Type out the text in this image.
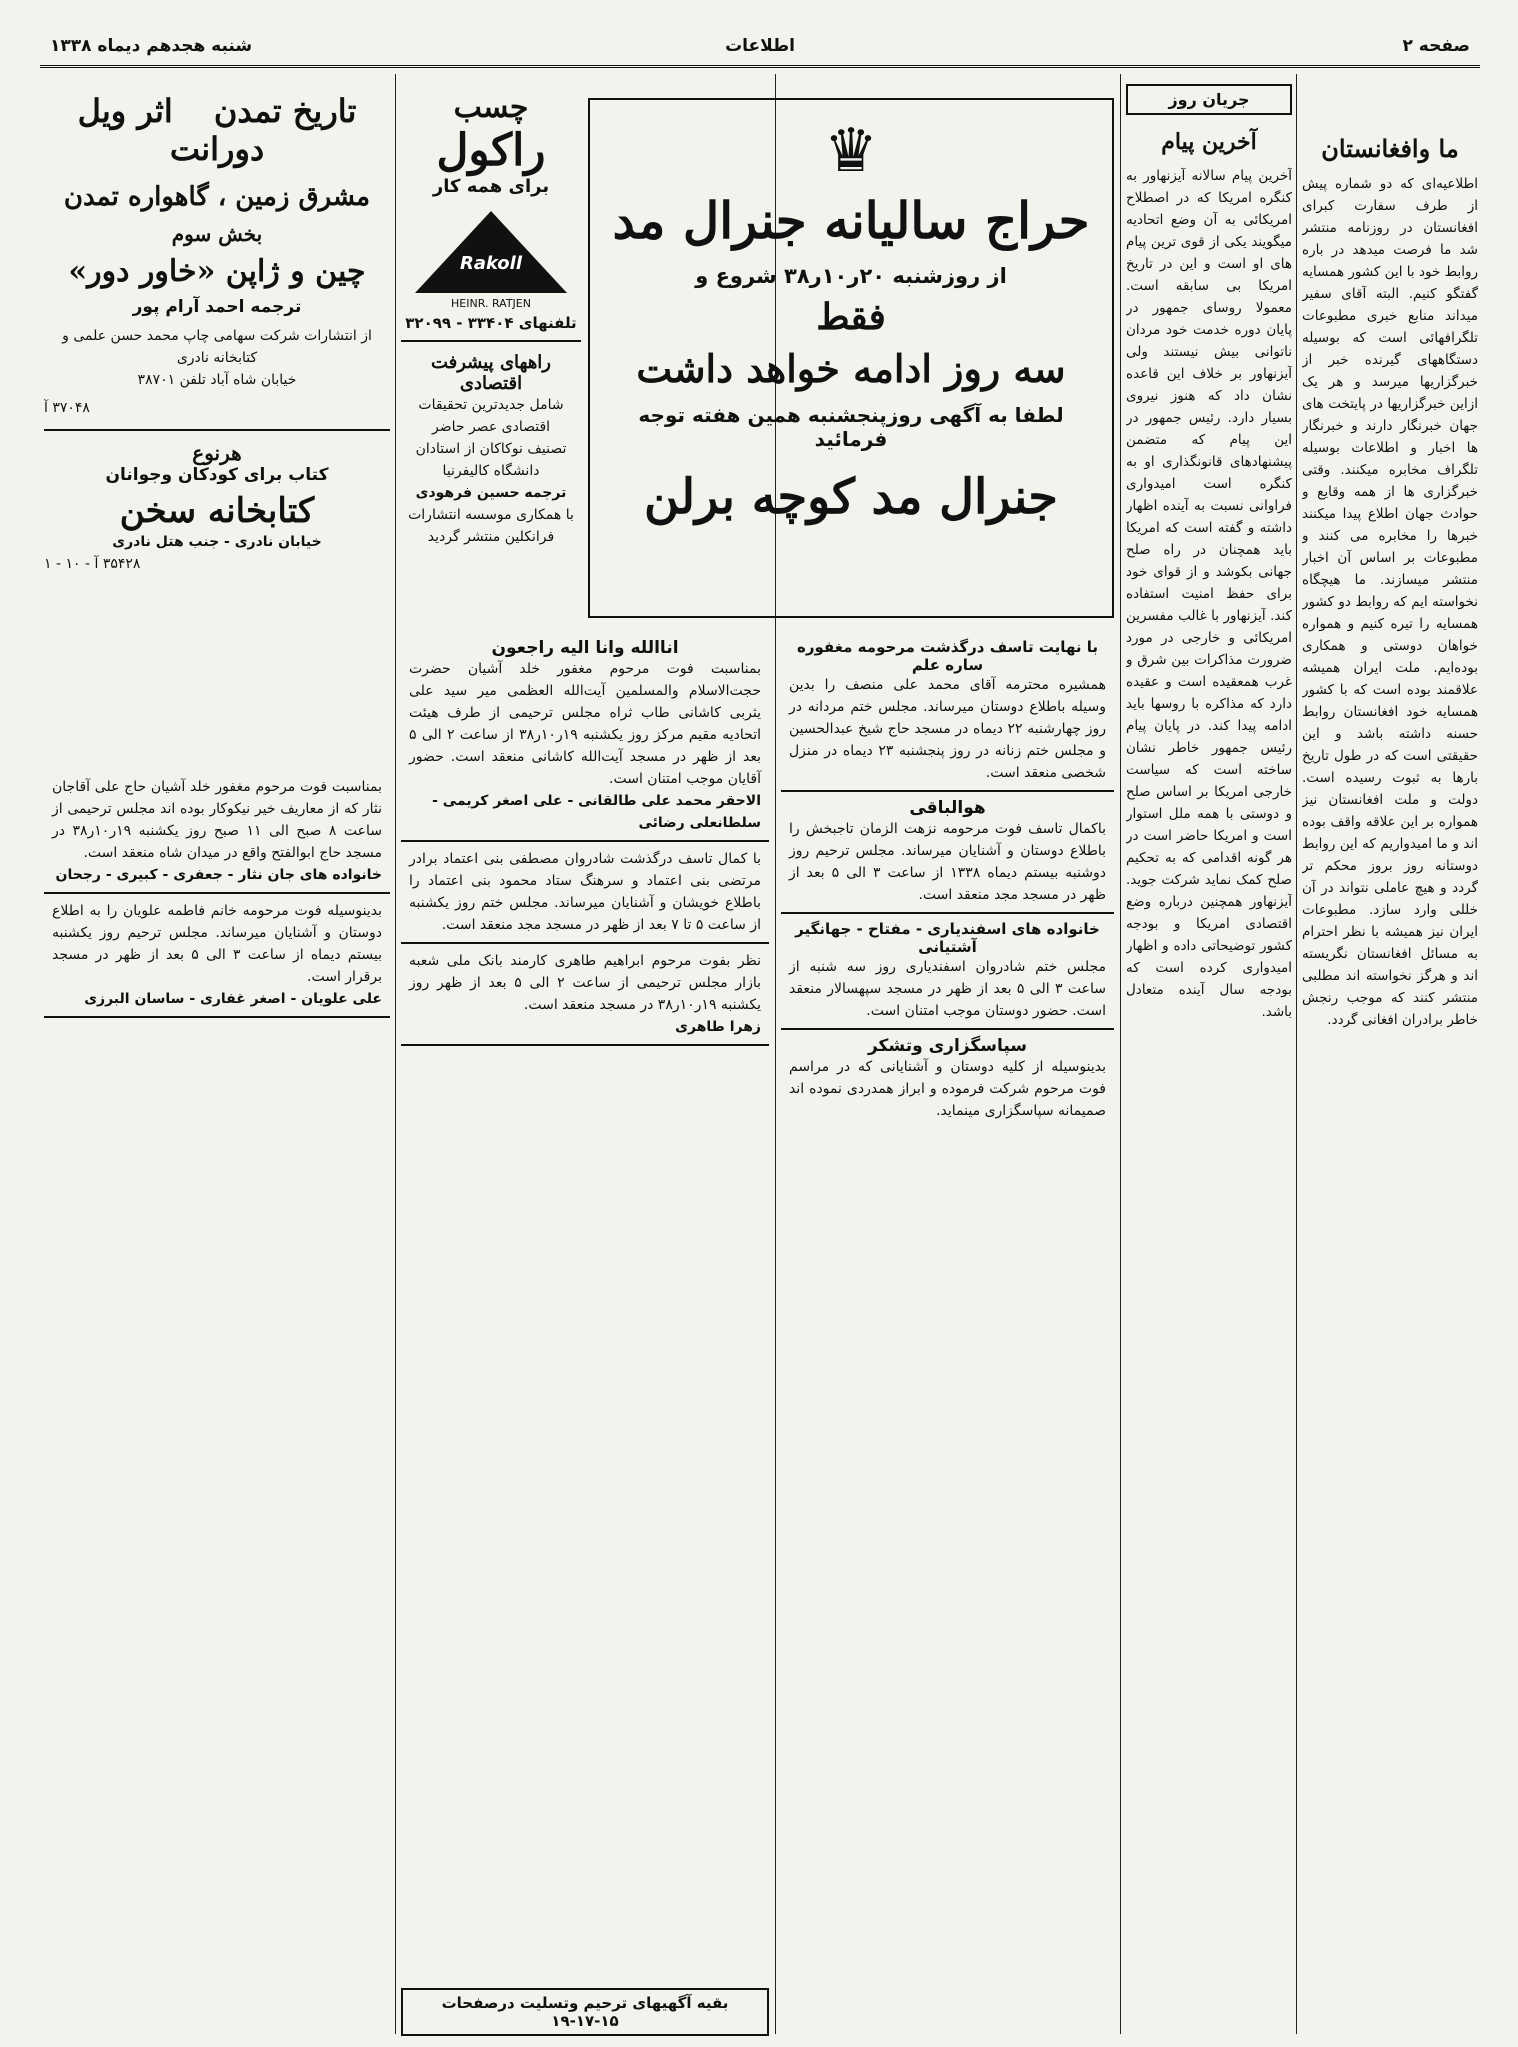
صفحه ۲
اطلاعات
شنبه هجدهم دیماه ۱۳۳۸
ما وافغانستان
اطلاعیه‌ای که دو شماره پیش از طرف سفارت کبرای افغانستان در روزنامه منتشر شد ما فرصت میدهد در باره روابط خود با این کشور همسایه گفتگو کنیم. البته آقای سفیر میداند منابع خبری مطبوعات تلگرافهائی است که بوسیله دستگاههای گیرنده خبر از خبرگزاریها میرسد و هر یک ازاین خبرگزاریها در پایتخت های جهان خبرنگار دارند و خبرنگار ها اخبار و اطلاعات بوسیله تلگراف مخابره میکنند. وقتی خبرگزاری ها از همه وقایع و حوادث جهان اطلاع پیدا میکنند خبرها را مخابره می کنند و مطبوعات بر اساس آن اخبار منتشر میسازند. ما هیچگاه نخواسته ایم که روابط دو کشور همسایه را تیره کنیم و همواره خواهان دوستی و همکاری بوده‌ایم. ملت ایران همیشه علاقمند بوده است که با کشور همسایه خود افغانستان روابط حسنه داشته باشد و این حقیقتی است که در طول تاریخ بارها به ثبوت رسیده است. دولت و ملت افغانستان نیز همواره بر این علاقه واقف بوده اند و ما امیدواریم که این روابط دوستانه روز بروز محکم تر گردد و هیچ عاملی نتواند در آن خللی وارد سازد. مطبوعات ایران نیز همیشه با نظر احترام به مسائل افغانستان نگریسته اند و هرگز نخواسته اند مطلبی منتشر کنند که موجب رنجش خاطر برادران افغانی گردد.
جریان روز
آخرین پیام
آخرین پیام سالانه آیزنهاور به کنگره امریکا که در اصطلاح امریکائی به آن وضع اتحادیه میگویند یکی از قوی ترین پیام های او است و این در تاریخ امریکا بی سابقه است. معمولا روسای جمهور در پایان دوره خدمت خود مردان ناتوانی بیش نیستند ولی آیزنهاور بر خلاف این قاعده نشان داد که هنوز نیروی بسیار دارد. رئیس جمهور در این پیام که متضمن پیشنهادهای قانونگذاری او به کنگره است امیدواری فراوانی نسبت به آینده اظهار داشته و گفته است که امریکا باید همچنان در راه صلح جهانی بکوشد و از قوای خود برای حفظ امنیت استفاده کند. آیزنهاور با غالب مفسرین امریکائی و خارجی در مورد ضرورت مذاکرات بین شرق و غرب همعقیده است و عقیده دارد که مذاکره با روسها باید ادامه پیدا کند. در پایان پیام رئیس جمهور خاطر نشان ساخته است که سیاست خارجی امریکا بر اساس صلح و دوستی با همه ملل استوار است و امریکا حاضر است در هر گونه اقدامی که به تحکیم صلح کمک نماید شرکت جوید. آیزنهاور همچنین درباره وضع اقتصادی امریکا و بودجه کشور توضیحاتی داده و اظهار امیدواری کرده است که بودجه سال آینده متعادل باشد.
♛
حراج سالیانه جنرال مد
از روزشنبه ۲۰ر۱۰ر۳۸ شروع و
فقط
سه روز ادامه خواهد داشت
لطفا به آگهی روزپنجشنبه همین هفته توجه فرمائید
جنرال مد کوچه برلن
چسب
راکول
برای همه کار
Rakoll
HEINR. RATJEN
تلفنهای ۳۳۴۰۴ - ۳۲۰۹۹
راههای پیشرفت اقتصادی
شامل جدیدترین تحقیقات اقتصادی عصر حاضر
تصنیف نوکاکان از استادان دانشگاه کالیفرنیا
ترجمه حسین فرهودی
با همکاری موسسه انتشارات فرانکلین منتشر گردید
تاریخ تمدن اثر ویل دورانت
مشرق زمین ، گاهواره تمدن
بخش سوم
چین و ژاپن «خاور دور»
ترجمه احمد آرام پور
از انتشارات شرکت سهامی چاپ محمد حسن علمی و کتابخانه نادری
خیابان شاه آباد تلفن ۳۸۷۰۱
۳۷۰۴۸ آ
هرنوع
کتاب برای کودکان وجوانان
کتابخانه سخن
خیابان نادری - جنب هتل نادری
۳۵۴۲۸ آ - ۱۰ - ۱
با نهایت تاسف درگذشت مرحومه مغفوره ساره علم
همشیره محترمه آقای محمد علی منصف را بدین وسیله باطلاع دوستان میرساند. مجلس ختم مردانه در روز چهارشنبه ۲۲ دیماه در مسجد حاج شیخ عبدالحسین و مجلس ختم زنانه در روز پنجشنبه ۲۳ دیماه در منزل شخصی منعقد است.
هوالباقی
باکمال تاسف فوت مرحومه نزهت الزمان تاجبخش را باطلاع دوستان و آشنایان میرساند. مجلس ترحیم روز دوشنبه بیستم دیماه ۱۳۳۸ از ساعت ۳ الی ۵ بعد از ظهر در مسجد مجد منعقد است.
خانواده های اسفندیاری - مفتاح - جهانگیر آشتیانی
مجلس ختم شادروان اسفندیاری روز سه شنبه از ساعت ۳ الی ۵ بعد از ظهر در مسجد سپهسالار منعقد است. حضور دوستان موجب امتنان است.
سپاسگزاری وتشکر
بدینوسیله از کلیه دوستان و آشنایانی که در مراسم فوت مرحوم شرکت فرموده و ابراز همدردی نموده اند صمیمانه سپاسگزاری مینماید.
اناالله وانا الیه راجعون
بمناسبت فوت مرحوم مغفور خلد آشیان حضرت حجت‌الاسلام والمسلمین آیت‌الله العظمی میر سید علی یثربی کاشانی طاب ثراه مجلس ترحیمی از طرف هیئت اتحادیه مقیم مرکز روز یکشنبه ۱۹ر۱۰ر۳۸ از ساعت ۲ الی ۵ بعد از ظهر در مسجد آیت‌الله کاشانی منعقد است. حضور آقایان موجب امتنان است.
الاحقر محمد علی طالقانی - علی اصغر کریمی - سلطانعلی رضائی
با کمال تاسف درگذشت شادروان مصطفی بنی اعتماد برادر مرتضی بنی اعتماد و سرهنگ ستاد محمود بنی اعتماد را باطلاع خویشان و آشنایان میرساند. مجلس ختم روز یکشنبه از ساعت ۵ تا ۷ بعد از ظهر در مسجد مجد منعقد است.
نظر بفوت مرحوم ابراهیم طاهری کارمند بانک ملی شعبه بازار مجلس ترحیمی از ساعت ۲ الی ۵ بعد از ظهر روز یکشنبه ۱۹ر۱۰ر۳۸ در مسجد منعقد است.
زهرا طاهری
بمناسبت فوت مرحوم مغفور خلد آشیان حاج علی آقاجان نثار که از معاریف خیر نیکوکار بوده اند مجلس ترحیمی از ساعت ۸ صبح الی ۱۱ صبح روز یکشنبه ۱۹ر۱۰ر۳۸ در مسجد حاج ابوالفتح واقع در میدان شاه منعقد است.
خانواده های جان نثار - جعفری - کبیری - رجحان
بدینوسیله فوت مرحومه خانم فاطمه علویان را به اطلاع دوستان و آشنایان میرساند. مجلس ترحیم روز یکشنبه بیستم دیماه از ساعت ۳ الی ۵ بعد از ظهر در مسجد برقرار است.
علی علویان - اصغر غفاری - ساسان البرزی
بقیه آگهیهای ترحیم وتسلیت درصفحات ۱۵-۱۷-۱۹
